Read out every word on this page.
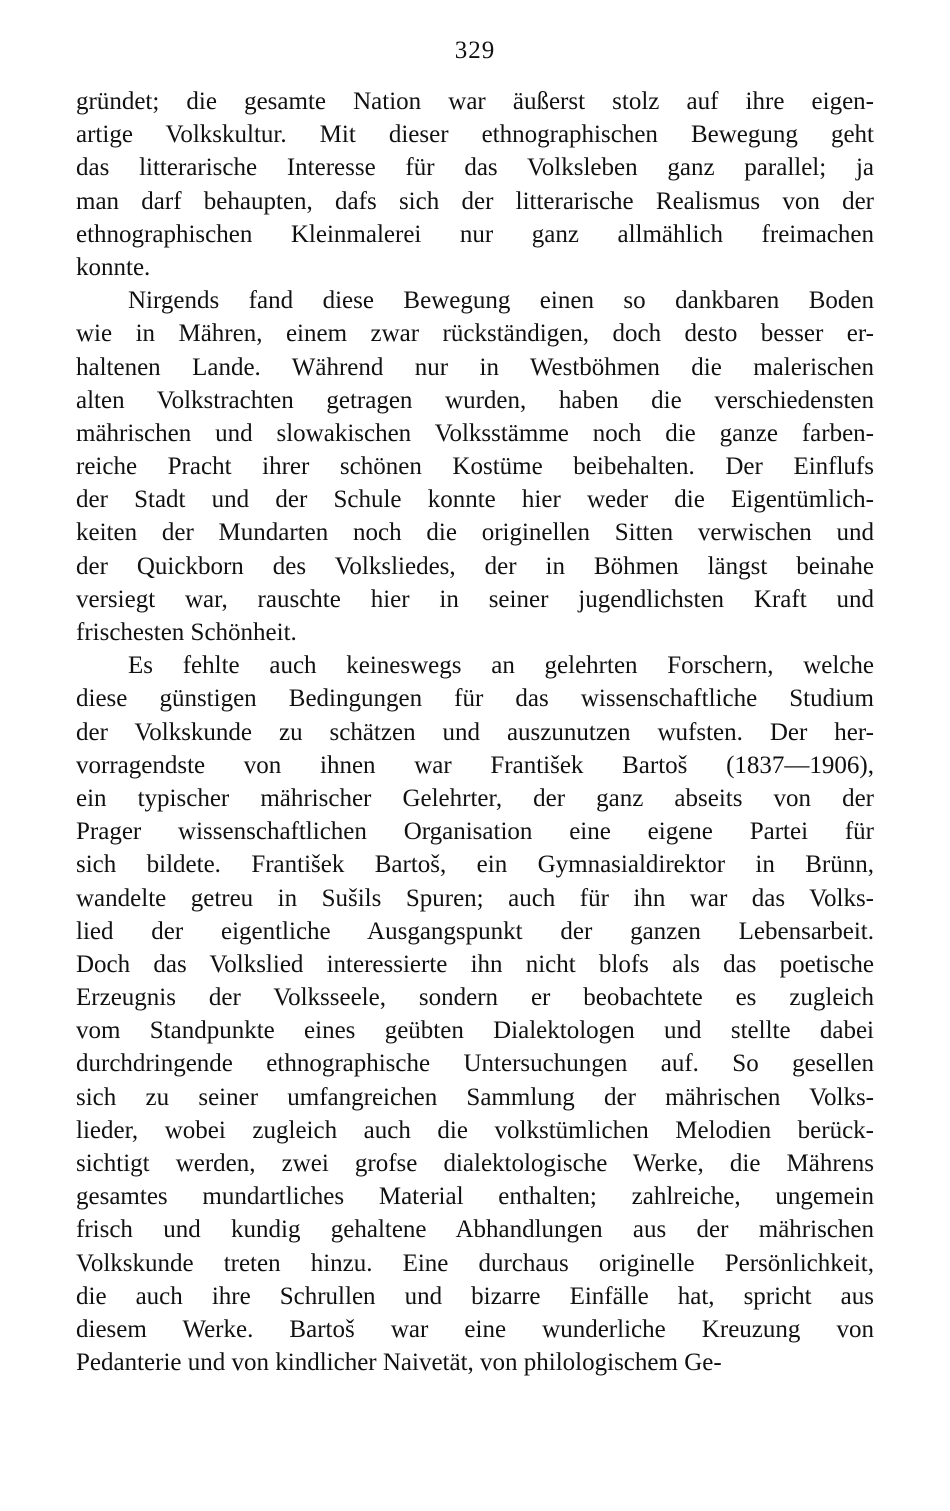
329
gründet; die gesamte Nation war äußerst stolz auf ihre eigen-
artige Volkskultur. Mit dieser ethnographischen Bewegung geht
das litterarische Interesse für das Volksleben ganz parallel; ja
man darf behaupten, dafs sich der litterarische Realismus von der
ethnographischen Kleinmalerei nur ganz allmählich freimachen
konnte.
Nirgends fand diese Bewegung einen so dankbaren Boden
wie in Mähren, einem zwar rückständigen, doch desto besser er-
haltenen Lande. Während nur in Westböhmen die malerischen
alten Volkstrachten getragen wurden, haben die verschiedensten
mährischen und slowakischen Volksstämme noch die ganze farben-
reiche Pracht ihrer schönen Kostüme beibehalten. Der Einflufs
der Stadt und der Schule konnte hier weder die Eigentümlich-
keiten der Mundarten noch die originellen Sitten verwischen und
der Quickborn des Volksliedes, der in Böhmen längst beinahe
versiegt war, rauschte hier in seiner jugendlichsten Kraft und
frischesten Schönheit.
Es fehlte auch keineswegs an gelehrten Forschern, welche
diese günstigen Bedingungen für das wissenschaftliche Studium
der Volkskunde zu schätzen und auszunutzen wufsten. Der her-
vorragendste von ihnen war František Bartoš (1837—1906),
ein typischer mährischer Gelehrter, der ganz abseits von der
Prager wissenschaftlichen Organisation eine eigene Partei für
sich bildete. František Bartoš, ein Gymnasialdirektor in Brünn,
wandelte getreu in Sušils Spuren; auch für ihn war das Volks-
lied der eigentliche Ausgangspunkt der ganzen Lebensarbeit.
Doch das Volkslied interessierte ihn nicht blofs als das poetische
Erzeugnis der Volksseele, sondern er beobachtete es zugleich
vom Standpunkte eines geübten Dialektologen und stellte dabei
durchdringende ethnographische Untersuchungen auf. So gesellen
sich zu seiner umfangreichen Sammlung der mährischen Volks-
lieder, wobei zugleich auch die volkstümlichen Melodien berück-
sichtigt werden, zwei grofse dialektologische Werke, die Mährens
gesamtes mundartliches Material enthalten; zahlreiche, ungemein
frisch und kundig gehaltene Abhandlungen aus der mährischen
Volkskunde treten hinzu. Eine durchaus originelle Persönlichkeit,
die auch ihre Schrullen und bizarre Einfälle hat, spricht aus
diesem Werke. Bartoš war eine wunderliche Kreuzung von
Pedanterie und von kindlicher Naivetät, von philologischem Ge-
